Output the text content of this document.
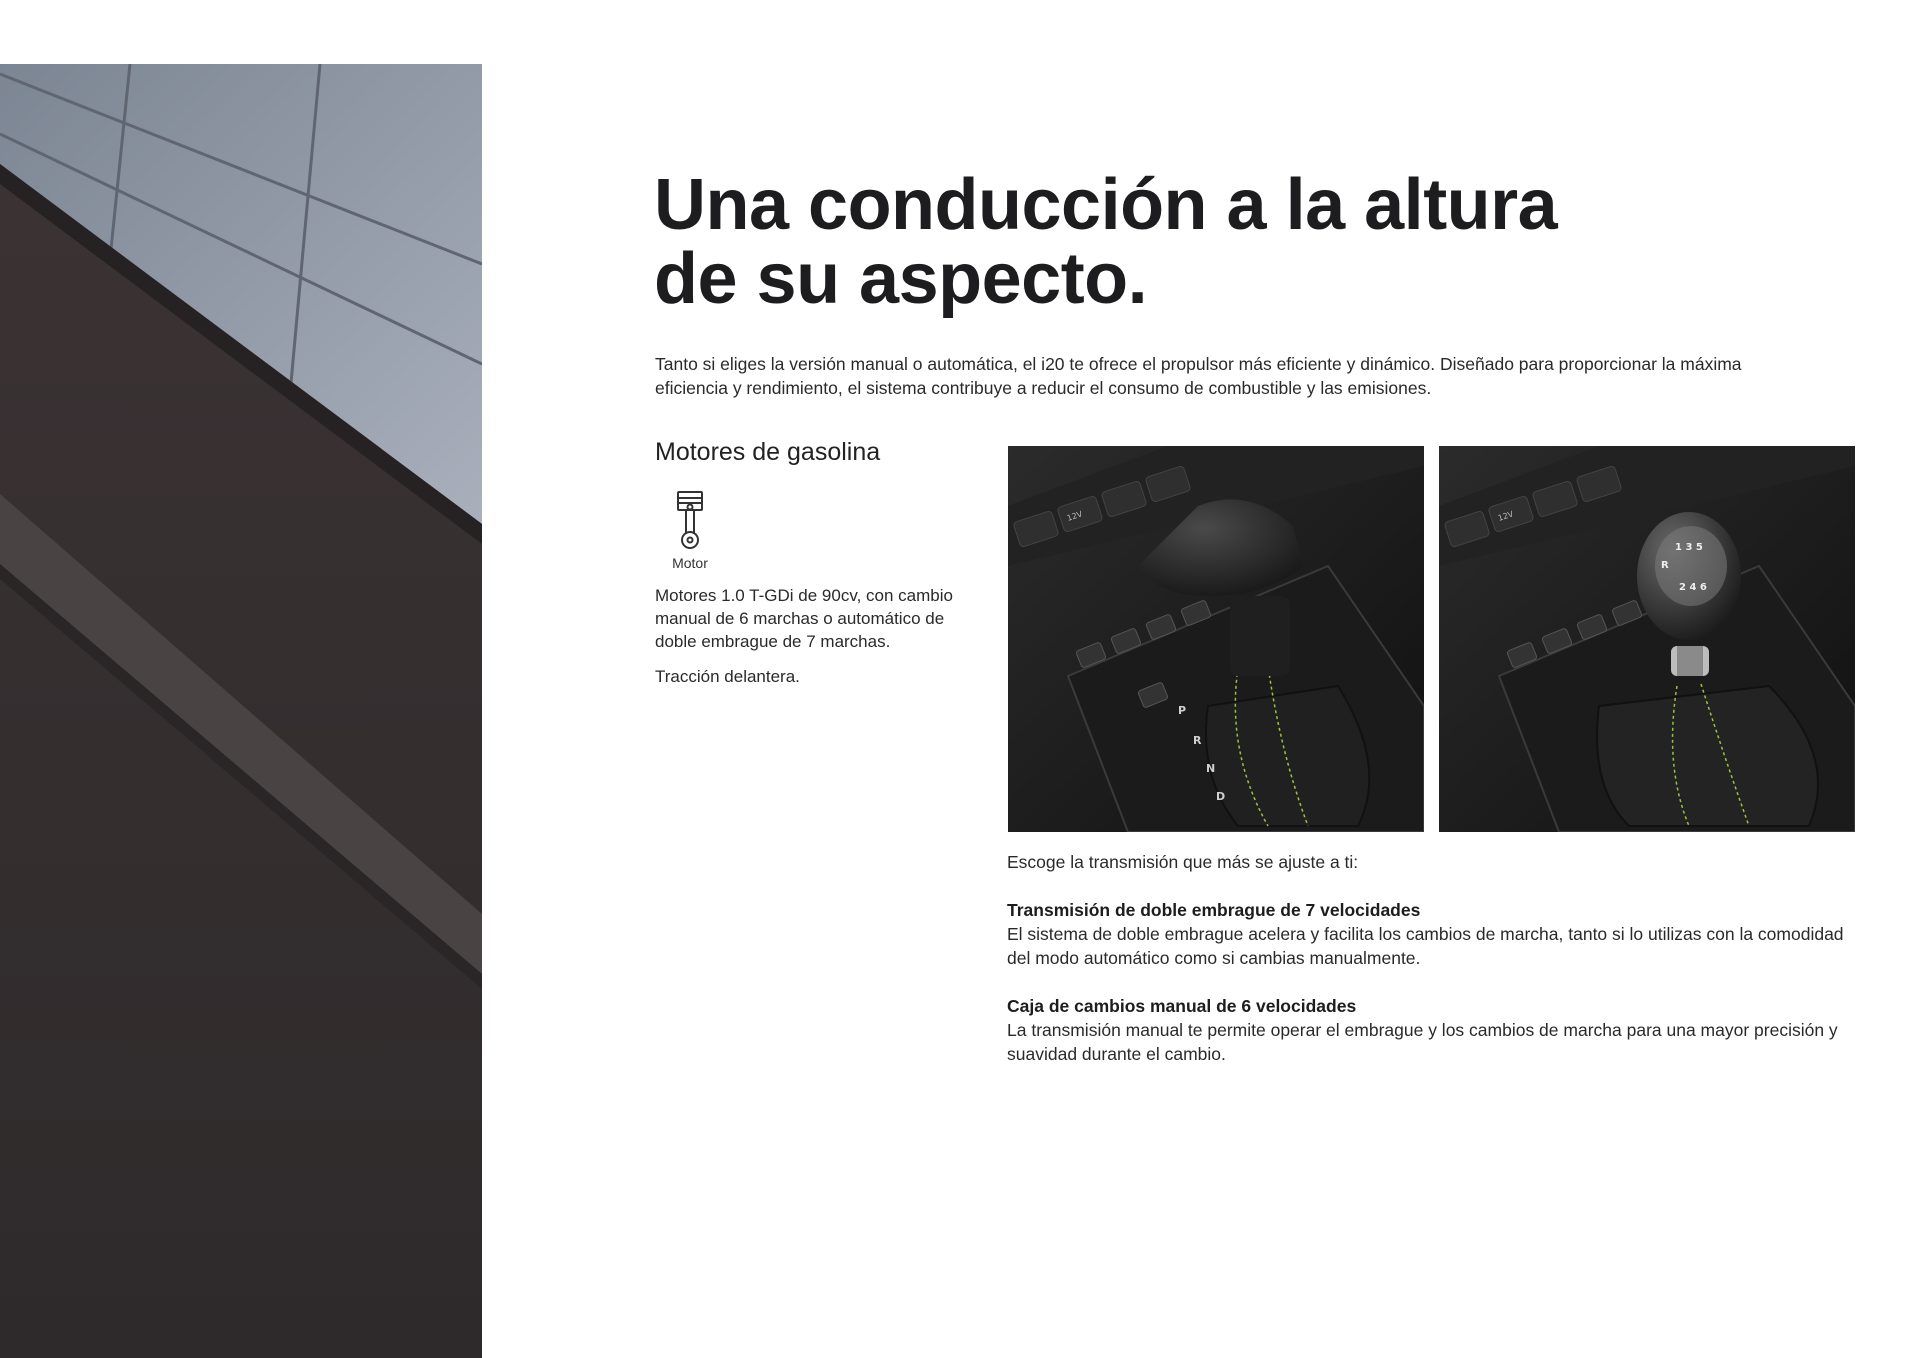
Una conducción a la altura
de su aspecto.

Tanto si eliges la versión manual o automática, el i20 te ofrece el propulsor más eficiente y dinámico. Diseñado para proporcionar la máxima eficiencia y rendimiento, el sistema contribuye a reducir el consumo de combustible y las emisiones.

Motores de gasolina
Motor

Motores 1.0 T-GDi de 90cv, con cambio manual de 6 marchas o automático de doble embrague de 7 marchas.

Tracción delantera.

12V
P
R
N
D
12V
1 3 5
R
2 4 6

Escoge la transmisión que más se ajuste a ti:

Transmisión de doble embrague de 7 velocidades

El sistema de doble embrague acelera y facilita los cambios de marcha, tanto si lo utilizas con la comodidad del modo automático como si cambias manualmente.

Caja de cambios manual de 6 velocidades

La transmisión manual te permite operar el embrague y los cambios de marcha para una mayor precisión y suavidad durante el cambio.
